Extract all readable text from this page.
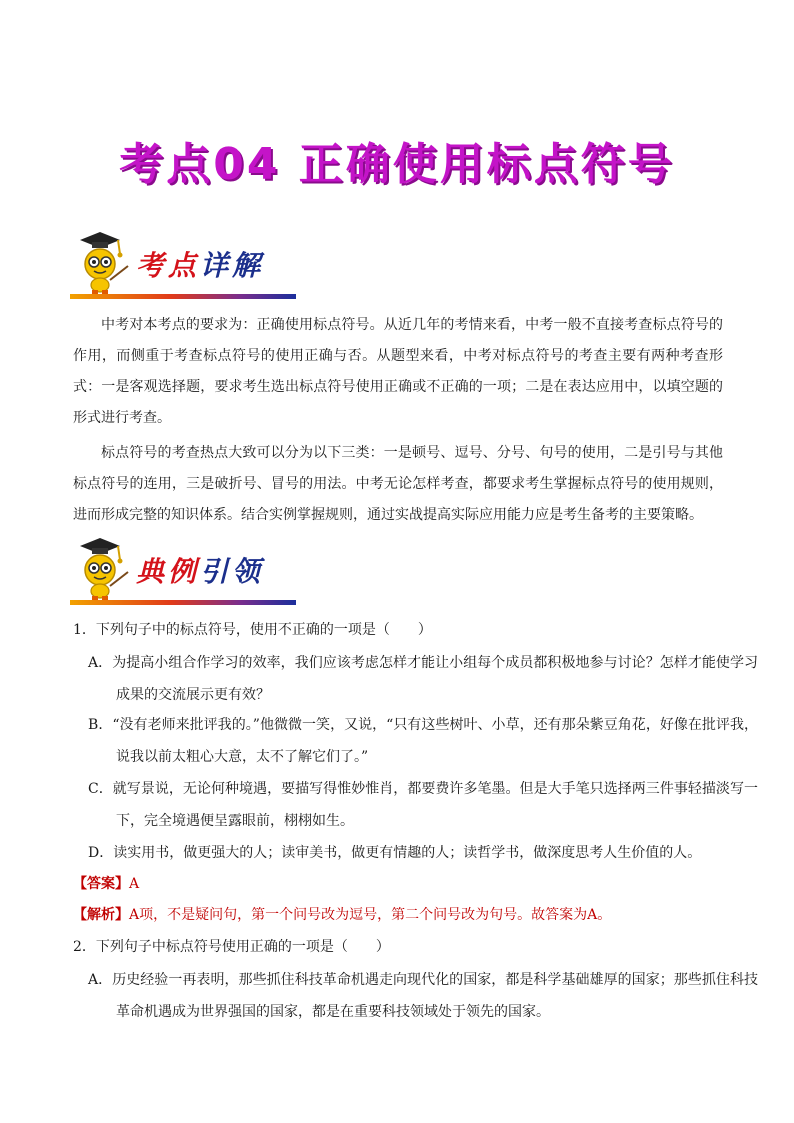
考点04 正确使用标点符号
考点详解
中考对本考点的要求为：正确使用标点符号。从近几年的考情来看，中考一般不直接考查标点符号的作用，而侧重于考查标点符号的使用正确与否。从题型来看，中考对标点符号的考查主要有两种考查形式：一是客观选择题，要求考生选出标点符号使用正确或不正确的一项；二是在表达应用中，以填空题的形式进行考查。
标点符号的考查热点大致可以分为以下三类：一是顿号、逗号、分号、句号的使用，二是引号与其他标点符号的连用，三是破折号、冒号的用法。中考无论怎样考查，都要求考生掌握标点符号的使用规则，进而形成完整的知识体系。结合实例掌握规则，通过实战提高实际应用能力应是考生备考的主要策略。
典例引领
1．下列句子中的标点符号，使用不正确的一项是（　　）
A．为提高小组合作学习的效率，我们应该考虑怎样才能让小组每个成员都积极地参与讨论？怎样才能使学习成果的交流展示更有效？
B．“没有老师来批评我的。”他微微一笑，又说，“只有这些树叶、小草，还有那朵紫豆角花，好像在批评我，说我以前太粗心大意，太不了解它们了。”
C．就写景说，无论何种境遇，要描写得惟妙惟肖，都要费许多笔墨。但是大手笔只选择两三件事轻描淡写一下，完全境遇便呈露眼前，栩栩如生。
D．读实用书，做更强大的人；读审美书，做更有情趣的人；读哲学书，做深度思考人生价值的人。
【答案】A
【解析】A项，不是疑问句，第一个问号改为逗号，第二个问号改为句号。故答案为A。
2．下列句子中标点符号使用正确的一项是（　　）
A．历史经验一再表明，那些抓住科技革命机遇走向现代化的国家，都是科学基础雄厚的国家；那些抓住科技革命机遇成为世界强国的国家，都是在重要科技领域处于领先的国家。
